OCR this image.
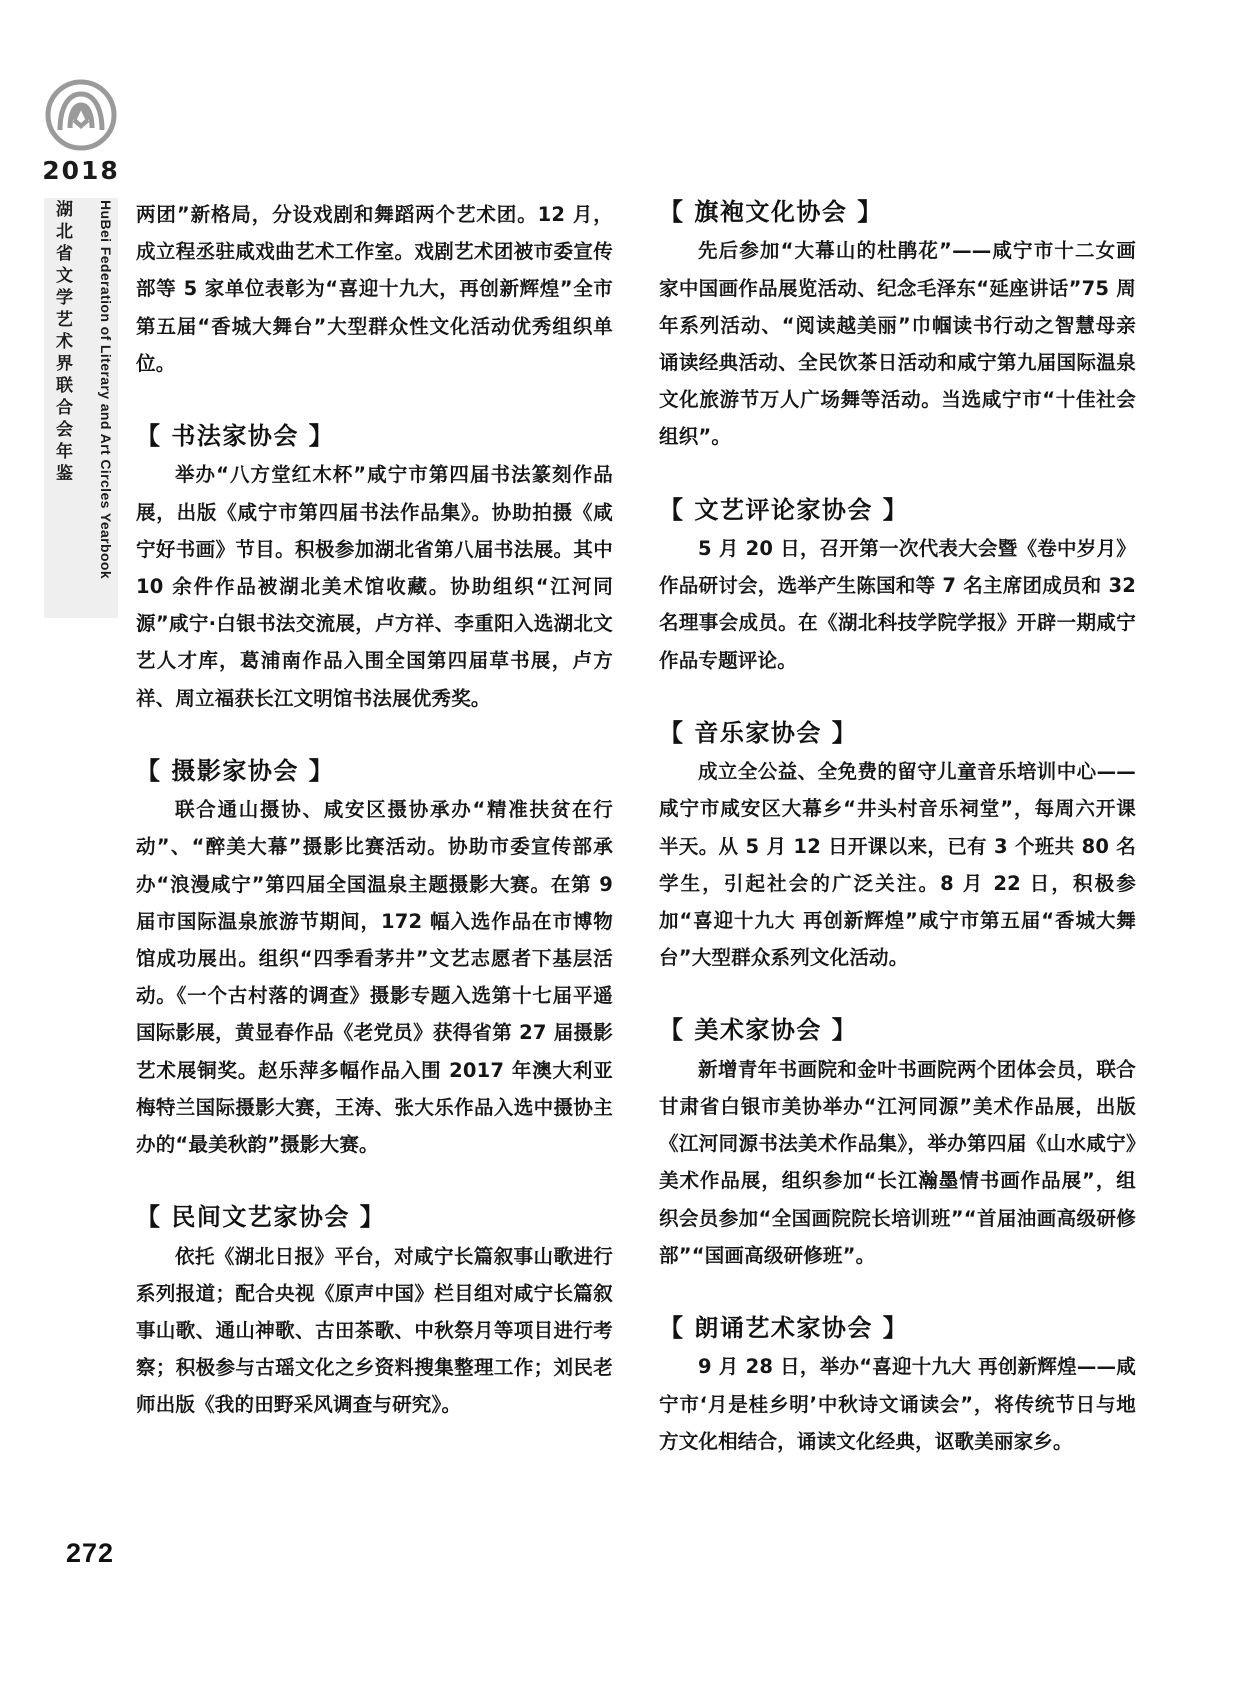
2018
湖北省文学艺术界联合会年鉴	HuBei Federation of Literary and Art Circles Yearbook
272

两团”新格局，分设戏剧和舞蹈两个艺术团。12 月，成立程丞驻咸戏曲艺术工作室。戏剧艺术团被市委宣传部等 5 家单位表彰为“喜迎十九大，再创新辉煌”全市第五届“香城大舞台”大型群众性文化活动优秀组织单位。

【 书法家协会 】

举办“八方堂红木杯”咸宁市第四届书法篆刻作品展，出版《咸宁市第四届书法作品集》。协助拍摄《咸宁好书画》节目。积极参加湖北省第八届书法展。其中 10 余件作品被湖北美术馆收藏。协助组织“江河同源”咸宁·白银书法交流展，卢方祥、李重阳入选湖北文艺人才库，葛浦南作品入围全国第四届草书展，卢方祥、周立福获长江文明馆书法展优秀奖。

【 摄影家协会 】

联合通山摄协、咸安区摄协承办“精准扶贫在行动”、“醉美大幕”摄影比赛活动。协助市委宣传部承办“浪漫咸宁”第四届全国温泉主题摄影大赛。在第 9 届市国际温泉旅游节期间，172 幅入选作品在市博物馆成功展出。组织“四季看茅井”文艺志愿者下基层活动。《一个古村落的调查》摄影专题入选第十七届平遥国际影展，黄显春作品《老党员》获得省第 27 届摄影艺术展铜奖。赵乐萍多幅作品入围 2017 年澳大利亚梅特兰国际摄影大赛，王涛、张大乐作品入选中摄协主办的“最美秋韵”摄影大赛。

【 民间文艺家协会 】

依托《湖北日报》平台，对咸宁长篇叙事山歌进行系列报道；配合央视《原声中国》栏目组对咸宁长篇叙事山歌、通山神歌、古田茶歌、中秋祭月等项目进行考察；积极参与古瑶文化之乡资料搜集整理工作；刘民老师出版《我的田野采风调查与研究》。

【 旗袍文化协会 】

先后参加“大幕山的杜鹃花”——咸宁市十二女画家中国画作品展览活动、纪念毛泽东“延座讲话”75 周年系列活动、“阅读越美丽”巾帼读书行动之智慧母亲诵读经典活动、全民饮茶日活动和咸宁第九届国际温泉文化旅游节万人广场舞等活动。当选咸宁市“十佳社会组织”。

【 文艺评论家协会 】

5 月 20 日，召开第一次代表大会暨《卷中岁月》作品研讨会，选举产生陈国和等 7 名主席团成员和 32 名理事会成员。在《湖北科技学院学报》开辟一期咸宁作品专题评论。

【 音乐家协会 】

成立全公益、全免费的留守儿童音乐培训中心——咸宁市咸安区大幕乡“井头村音乐祠堂”，每周六开课半天。从 5 月 12 日开课以来，已有 3 个班共 80 名学生，引起社会的广泛关注。8 月 22 日，积极参加“喜迎十九大 再创新辉煌”咸宁市第五届“香城大舞台”大型群众系列文化活动。

【 美术家协会 】

新增青年书画院和金叶书画院两个团体会员，联合甘肃省白银市美协举办“江河同源”美术作品展，出版《江河同源书法美术作品集》，举办第四届《山水咸宁》美术作品展，组织参加“长江瀚墨情书画作品展”，组织会员参加“全国画院院长培训班”“首届油画高级研修部”“国画高级研修班”。

【 朗诵艺术家协会 】

9 月 28 日，举办“喜迎十九大 再创新辉煌——咸宁市‘月是桂乡明’中秋诗文诵读会”，将传统节日与地方文化相结合，诵读文化经典，讴歌美丽家乡。
